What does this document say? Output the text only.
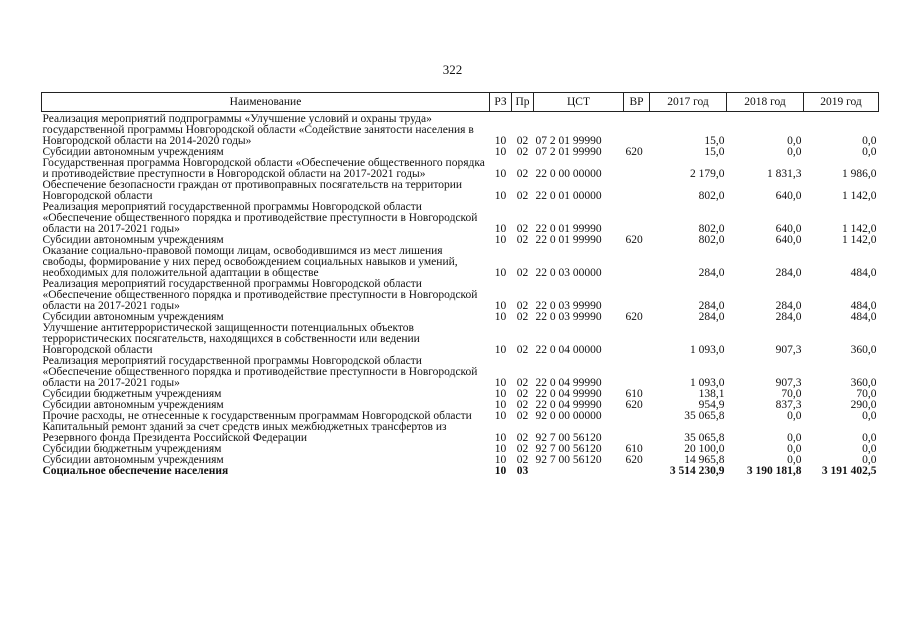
322
Наименование	РЗ	Пр	ЦСТ	ВР	2017 год	2018 год	2019 год
Реализация мероприятий подпрограммы «Улучшение условий и охраны труда» государственной программы Новгородской области «Содействие занятости населения в Новгородской области на 2014-2020 годы»	10	02	07 2 01 99990		15,0	0,0	0,0
Субсидии автономным учреждениям	10	02	07 2 01 99990	620	15,0	0,0	0,0
Государственная программа Новгородской области «Обеспечение общественного порядка и противодействие преступности в Новгородской области на 2017-2021 годы»	10	02	22 0 00 00000		2 179,0	1 831,3	1 986,0
Обеспечение безопасности граждан от противоправных посягательств на территории Новгородской области	10	02	22 0 01 00000		802,0	640,0	1 142,0
Реализация мероприятий государственной программы Новгородской области «Обеспечение общественного порядка и противодействие преступности в Новгородской области на 2017-2021 годы»	10	02	22 0 01 99990		802,0	640,0	1 142,0
Субсидии автономным учреждениям	10	02	22 0 01 99990	620	802,0	640,0	1 142,0
Оказание социально-правовой помощи лицам, освободившимся из мест лишения свободы, формирование у них перед освобождением социальных навыков и умений, необходимых для положительной адаптации в обществе	10	02	22 0 03 00000		284,0	284,0	484,0
Реализация мероприятий государственной программы Новгородской области «Обеспечение общественного порядка и противодействие преступности в Новгородской области на 2017-2021 годы»	10	02	22 0 03 99990		284,0	284,0	484,0
Субсидии автономным учреждениям	10	02	22 0 03 99990	620	284,0	284,0	484,0
Улучшение антитеррористической защищенности потенциальных объектов террористических посягательств, находящихся в собственности или ведении Новгородской области	10	02	22 0 04 00000		1 093,0	907,3	360,0
Реализация мероприятий государственной программы Новгородской области «Обеспечение общественного порядка и противодействие преступности в Новгородской области на 2017-2021 годы»	10	02	22 0 04 99990		1 093,0	907,3	360,0
Субсидии бюджетным учреждениям	10	02	22 0 04 99990	610	138,1	70,0	70,0
Субсидии автономным учреждениям	10	02	22 0 04 99990	620	954,9	837,3	290,0
Прочие расходы, не отнесенные к государственным программам Новгородской области	10	02	92 0 00 00000		35 065,8	0,0	0,0
Капитальный ремонт зданий за счет средств иных межбюджетных трансфертов из Резервного фонда Президента Российской Федерации	10	02	92 7 00 56120		35 065,8	0,0	0,0
Субсидии бюджетным учреждениям	10	02	92 7 00 56120	610	20 100,0	0,0	0,0
Субсидии автономным учреждениям	10	02	92 7 00 56120	620	14 965,8	0,0	0,0
Социальное обеспечение населения	10	03			3 514 230,9	3 190 181,8	3 191 402,5
